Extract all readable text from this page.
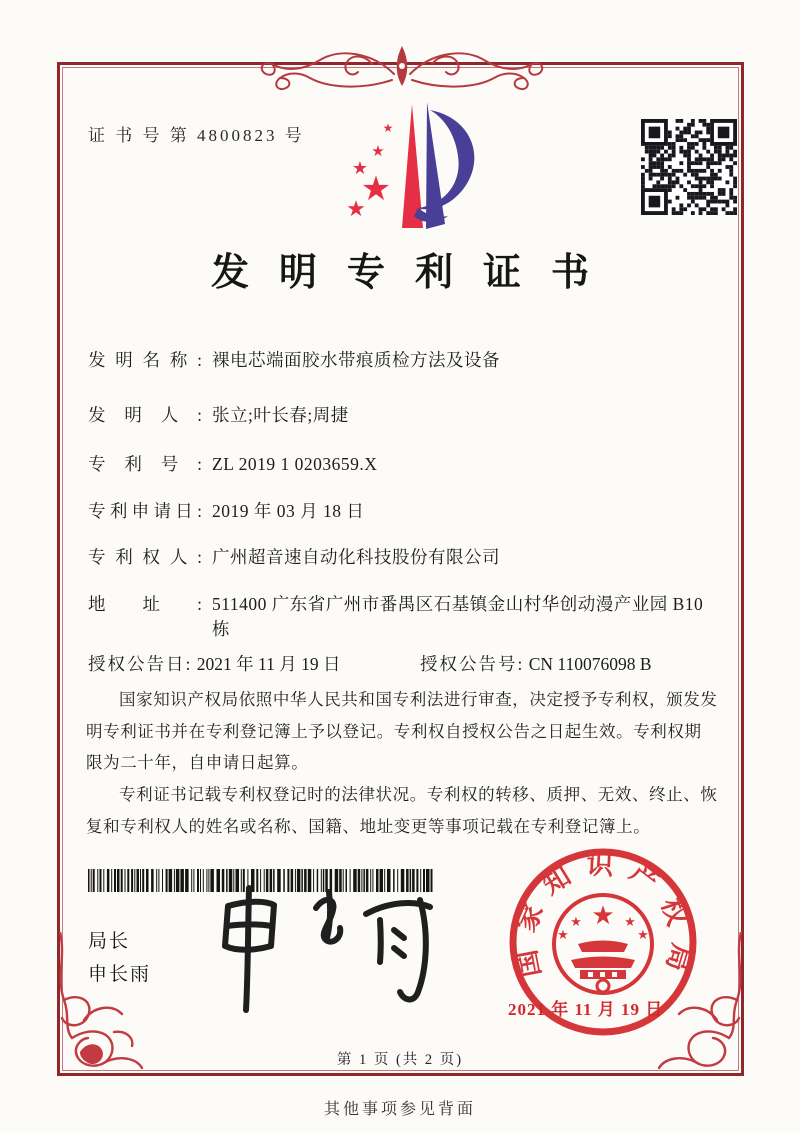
证 书 号 第 4800823 号
★
★
★
★
★
发明专利证书
发明名称: 裸电芯端面胶水带痕质检方法及设备
发明人: 张立;叶长春;周捷
专利号: ZL 2019 1 0203659.X
专利申请日: 2019 年 03 月 18 日
专利权人: 广州超音速自动化科技股份有限公司
地址: 511400 广东省广州市番禺区石基镇金山村华创动漫产业园 B10 栋
授权公告日: 2021 年 11 月 19 日	授权公告号: CN 110076098 B

国家知识产权局依照中华人民共和国专利法进行审查，决定授予专利权，颁发发明专利证书并在专利登记簿上予以登记。专利权自授权公告之日起生效。专利权期限为二十年，自申请日起算。

专利证书记载专利权登记时的法律状况。专利权的转移、质押、无效、终止、恢复和专利权人的姓名或名称、国籍、地址变更等事项记载在专利登记簿上。

局长
申长雨	国家知识产权局
★
★
★
★
★
2021 年 11 月 19 日
第 1 页 (共 2 页)
其他事项参见背面
